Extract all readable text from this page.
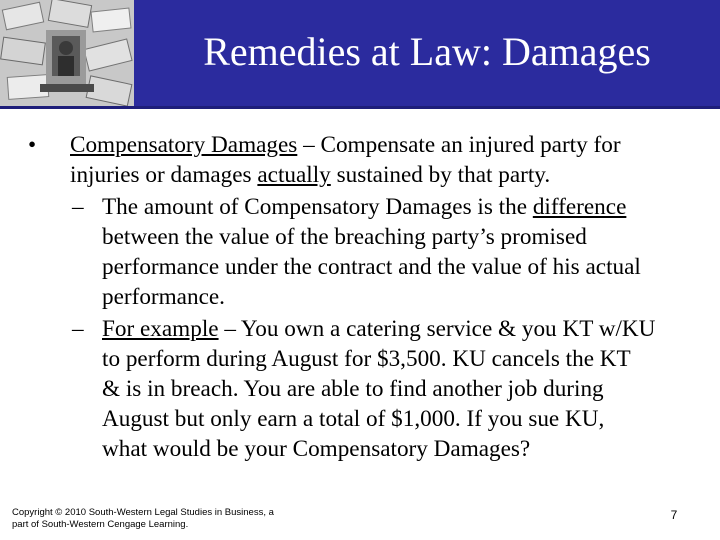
Remedies at Law: Damages
• Compensatory Damages – Compensate an injured party for
injuries or damages actually sustained by that party.
– The amount of Compensatory Damages is the difference
between the value of the breaching party’s promised
performance under the contract and the value of his actual
performance.
– For example – You own a catering service & you KT w/KU
to perform during August for $3,500. KU cancels the KT
& is in breach. You are able to find another job during
August but only earn a total of $1,000. If you sue KU,
what would be your Compensatory Damages?
Copyright © 2010 South-Western Legal Studies in Business, a
part of South-Western Cengage Learning.
7
